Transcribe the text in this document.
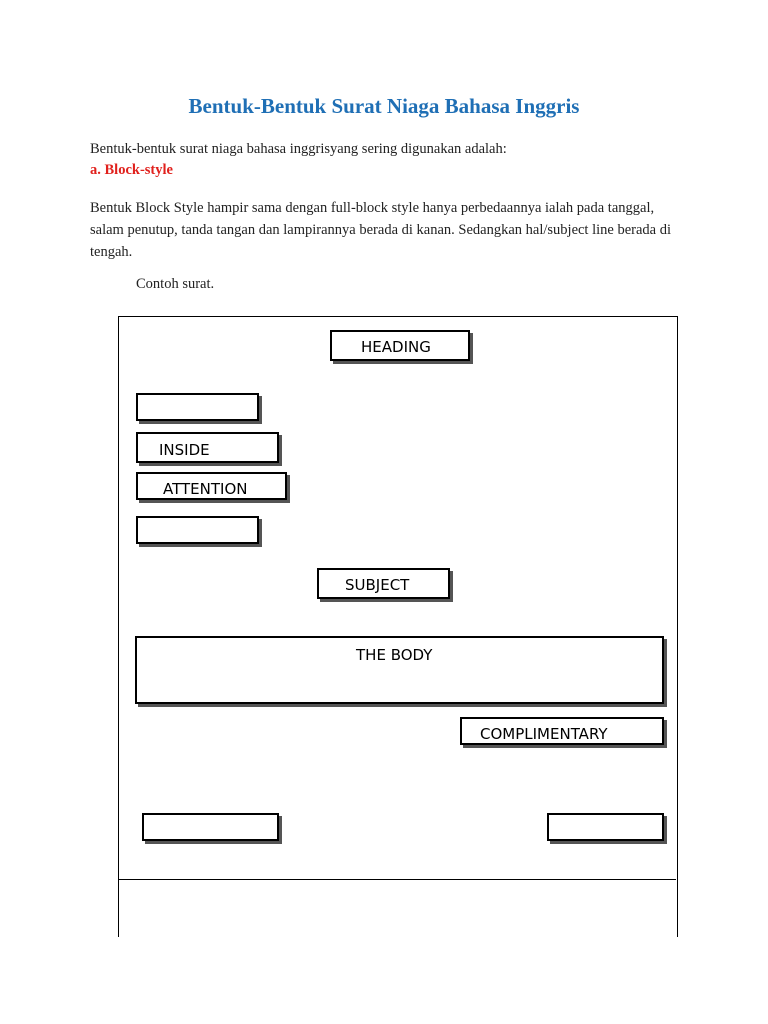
Bentuk-Bentuk Surat Niaga Bahasa Inggris

Bentuk-bentuk surat niaga bahasa inggrisyang sering digunakan adalah:

a. Block-style

Bentuk Block Style hampir sama dengan full-block style hanya perbedaannya ialah pada tanggal, salam penutup, tanda tangan dan lampirannya berada di kanan. Sedangkan hal/subject line berada di tengah.

Contoh surat.

HEADING
INSIDE
ATTENTION
SUBJECT
THE BODY
COMPLIMENTARY
